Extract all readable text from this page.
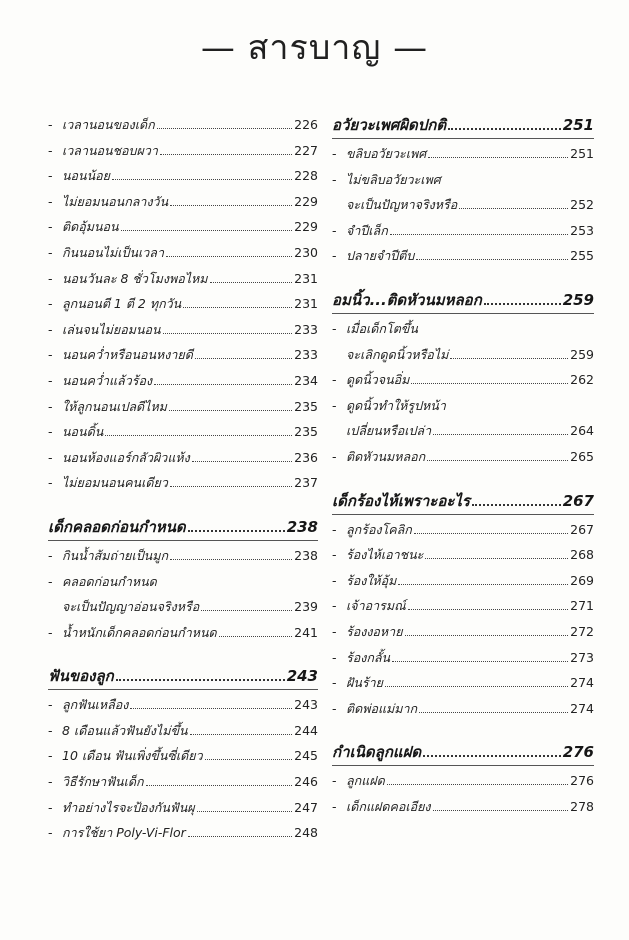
— สารบาญ —
- เวลานอนของเด็ก	226
- เวลานอนชอบผวา	227
- นอนน้อย	228
- ไม่ยอมนอนกลางวัน	229
- ติดอุ้มนอน	229
- กินนอนไม่เป็นเวลา	230
- นอนวันละ 8 ชั่วโมงพอไหม	231
- ลูกนอนตี 1 ตี 2 ทุกวัน	231
- เล่นจนไม่ยอมนอน	233
- นอนคว่ำหรือนอนหงายดี	233
- นอนคว่ำแล้วร้อง	234
- ให้ลูกนอนเปลดีไหม	235
- นอนดิ้น	235
- นอนห้องแอร์กลัวผิวแห้ง	236
- ไม่ยอมนอนคนเดียว	237
เด็กคลอดก่อนกำหนด	238
- กินน้ำส้มถ่ายเป็นมูก	238
- คลอดก่อนกำหนด
จะเป็นปัญญาอ่อนจริงหรือ	239
- น้ำหนักเด็กคลอดก่อนกำหนด	241
ฟันของลูก	243
- ลูกฟันเหลือง	243
- 8 เดือนแล้วฟันยังไม่ขึ้น	244
- 10 เดือน ฟันเพิ่งขึ้นซี่เดียว	245
- วิธีรักษาฟันเด็ก	246
- ทำอย่างไรจะป้องกันฟันผุ	247
- การใช้ยา Poly-Vi-Flor	248
อวัยวะเพศผิดปกติ	251
- ขลิบอวัยวะเพศ	251
- ไม่ขลิบอวัยวะเพศ
จะเป็นปัญหาจริงหรือ	252
- จำปีเล็ก	253
- ปลายจำปีตีบ	255
อมนิ้ว...ติดหัวนมหลอก	259
- เมื่อเด็กโตขึ้น
จะเลิกดูดนิ้วหรือไม่	259
- ดูดนิ้วจนอิ่ม	262
- ดูดนิ้วทำให้รูปหน้า
เปลี่ยนหรือเปล่า	264
- ติดหัวนมหลอก	265
เด็กร้องไห้เพราะอะไร	267
- ลูกร้องโคลิก	267
- ร้องไห้เอาชนะ	268
- ร้องให้อุ้ม	269
- เจ้าอารมณ์	271
- ร้องงอหาย	272
- ร้องกลั้น	273
- ฝันร้าย	274
- ติดพ่อแม่มาก	274
กำเนิดลูกแฝด	276
- ลูกแฝด	276
- เด็กแฝดคอเอียง	278
